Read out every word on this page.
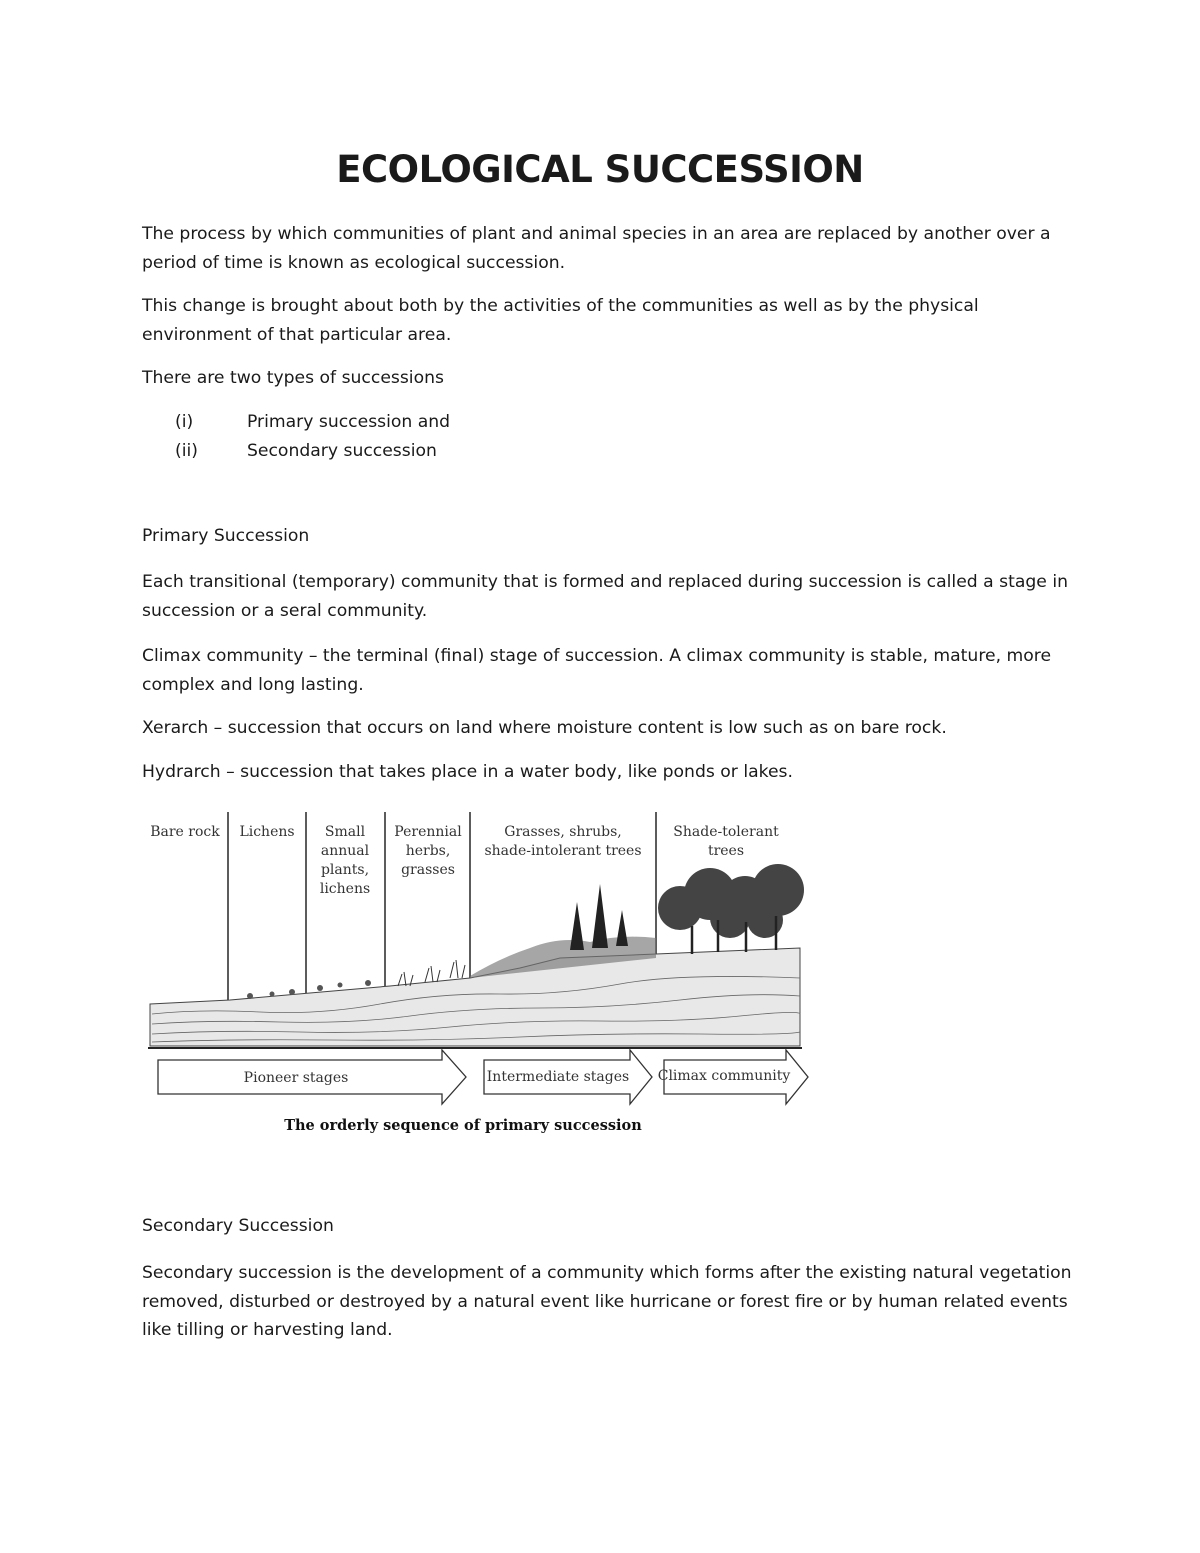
ECOLOGICAL SUCCESSION

The process by which communities of plant and animal species in an area are replaced by another over a period of time is known as ecological succession.

This change is brought about both by the activities of the communities as well as by the physical environment of that particular area.

There are two types of successions

(i)	Primary succession and
(ii)	Secondary succession
Primary Succession

Each transitional (temporary) community that is formed and replaced during succession is called a stage in succession or a seral community.

Climax community – the terminal (final) stage of succession. A climax community is stable, mature, more complex and long lasting.

Xerarch – succession that occurs on land where moisture content is low such as on bare rock.

Hydrarch – succession that takes place in a water body, like ponds or lakes.

Bare rock Lichens	Small annual plants, lichens
Perennial herbs, grasses
Grasses, shrubs, shade-intolerant trees
Shade-tolerant trees
Pioneer stages	Intermediate stages Climax community
The orderly sequence of primary succession
Secondary Succession

Secondary succession is the development of a community which forms after the existing natural vegetation removed, disturbed or destroyed by a natural event like hurricane or forest fire or by human related events like tilling or harvesting land.
